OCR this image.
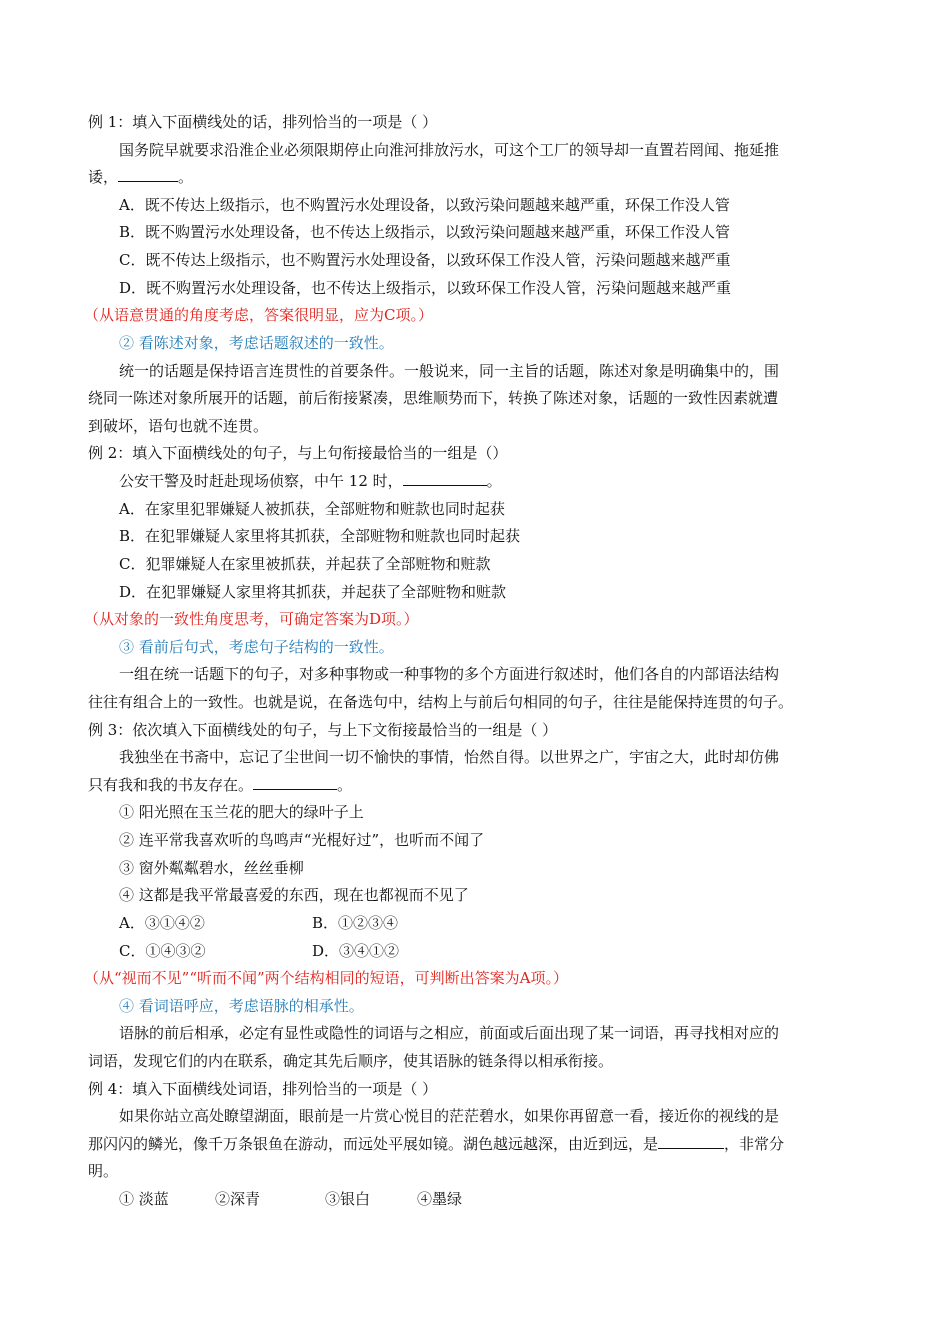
例 1：填入下面横线处的话，排列恰当的一项是（ ）
国务院早就要求沿淮企业必须限期停止向淮河排放污水，可这个工厂的领导却一直置若罔闻、拖延推
诿，	。
A．既不传达上级指示，也不购置污水处理设备，以致污染问题越来越严重，环保工作没人管
B．既不购置污水处理设备，也不传达上级指示，以致污染问题越来越严重，环保工作没人管
C．既不传达上级指示，也不购置污水处理设备，以致环保工作没人管，污染问题越来越严重
D．既不购置污水处理设备，也不传达上级指示，以致环保工作没人管，污染问题越来越严重
（从语意贯通的角度考虑，答案很明显，应为C项。）
② 看陈述对象，考虑话题叙述的一致性。
统一的话题是保持语言连贯性的首要条件。一般说来，同一主旨的话题，陈述对象是明确集中的，围
绕同一陈述对象所展开的话题，前后衔接紧凑，思维顺势而下，转换了陈述对象，话题的一致性因素就遭
到破坏，语句也就不连贯。
例 2：填入下面横线处的句子，与上句衔接最恰当的一组是（）
公安干警及时赶赴现场侦察，中午 12 时，	。
A．在家里犯罪嫌疑人被抓获，全部赃物和赃款也同时起获
B．在犯罪嫌疑人家里将其抓获，全部赃物和赃款也同时起获
C．犯罪嫌疑人在家里被抓获，并起获了全部赃物和赃款
D．在犯罪嫌疑人家里将其抓获，并起获了全部赃物和赃款
（从对象的一致性角度思考，可确定答案为D项。）
③ 看前后句式，考虑句子结构的一致性。
一组在统一话题下的句子，对多种事物或一种事物的多个方面进行叙述时，他们各自的内部语法结构
往往有组合上的一致性。也就是说，在备选句中，结构上与前后句相同的句子，往往是能保持连贯的句子。
例 3：依次填入下面横线处的句子，与上下文衔接最恰当的一组是（ ）
我独坐在书斋中，忘记了尘世间一切不愉快的事情，怡然自得。以世界之广，宇宙之大，此时却仿佛
只有我和我的书友存在。	。
① 阳光照在玉兰花的肥大的绿叶子上
② 连平常我喜欢听的鸟鸣声“光棍好过”，也听而不闻了
③ 窗外粼粼碧水，丝丝垂柳
④ 这都是我平常最喜爱的东西，现在也都视而不见了
A．③①④②	B．①②③④
C．①④③②	D．③④①②
（从“视而不见”“听而不闻”两个结构相同的短语，可判断出答案为A项。）
④ 看词语呼应，考虑语脉的相承性。
语脉的前后相承，必定有显性或隐性的词语与之相应，前面或后面出现了某一词语，再寻找相对应的
词语，发现它们的内在联系，确定其先后顺序，使其语脉的链条得以相承衔接。
例 4：填入下面横线处词语，排列恰当的一项是（ ）
如果你站立高处瞭望湖面，眼前是一片赏心悦目的茫茫碧水，如果你再留意一看，接近你的视线的是
那闪闪的鳞光，像千万条银鱼在游动，而远处平展如镜。湖色越远越深，由近到远，是	，非常分
明。
① 淡蓝	②深青	③银白	④墨绿
